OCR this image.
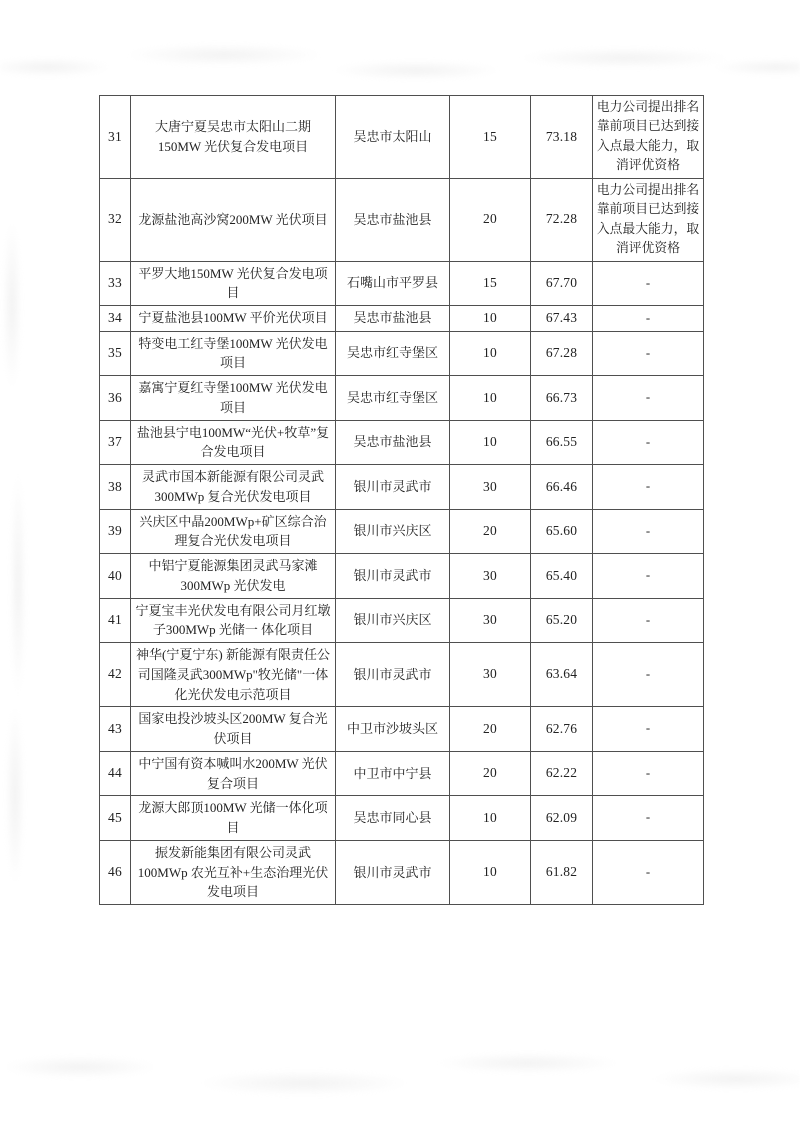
31	大唐宁夏吴忠市太阳山二期150MW 光伏复合发电项目	吴忠市太阳山	15	73.18	电力公司提出排名靠前项目已达到接入点最大能力，取消评优资格
32	龙源盐池高沙窝200MW 光伏项目	吴忠市盐池县	20	72.28	电力公司提出排名靠前项目已达到接入点最大能力，取消评优资格
33	平罗大地150MW 光伏复合发电项目	石嘴山市平罗县	15	67.70	-
34	宁夏盐池县100MW 平价光伏项目	吴忠市盐池县	10	67.43	-
35	特变电工红寺堡100MW 光伏发电项目	吴忠市红寺堡区	10	67.28	-
36	嘉寓宁夏红寺堡100MW 光伏发电项目	吴忠市红寺堡区	10	66.73	-
37	盐池县宁电100MW“光伏+牧草”复合发电项目	吴忠市盐池县	10	66.55	-
38	灵武市国本新能源有限公司灵武300MWp 复合光伏发电项目	银川市灵武市	30	66.46	-
39	兴庆区中晶200MWp+矿区综合治理复合光伏发电项目	银川市兴庆区	20	65.60	-
40	中铝宁夏能源集团灵武马家滩300MWp 光伏发电	银川市灵武市	30	65.40	-
41	宁夏宝丰光伏发电有限公司月红墩子300MWp 光储一 体化项目	银川市兴庆区	30	65.20	-
42	神华(宁夏宁东) 新能源有限责任公司国隆灵武300MWp"牧光储"一体化光伏发电示范项目	银川市灵武市	30	63.64	-
43	国家电投沙坡头区200MW 复合光伏项目	中卫市沙坡头区	20	62.76	-
44	中宁国有资本喊叫水200MW 光伏复合项目	中卫市中宁县	20	62.22	-
45	龙源大郎顶100MW 光储一体化项目	吴忠市同心县	10	62.09	-
46	振发新能集团有限公司灵武100MWp 农光互补+生态治理光伏发电项目	银川市灵武市	10	61.82	-
